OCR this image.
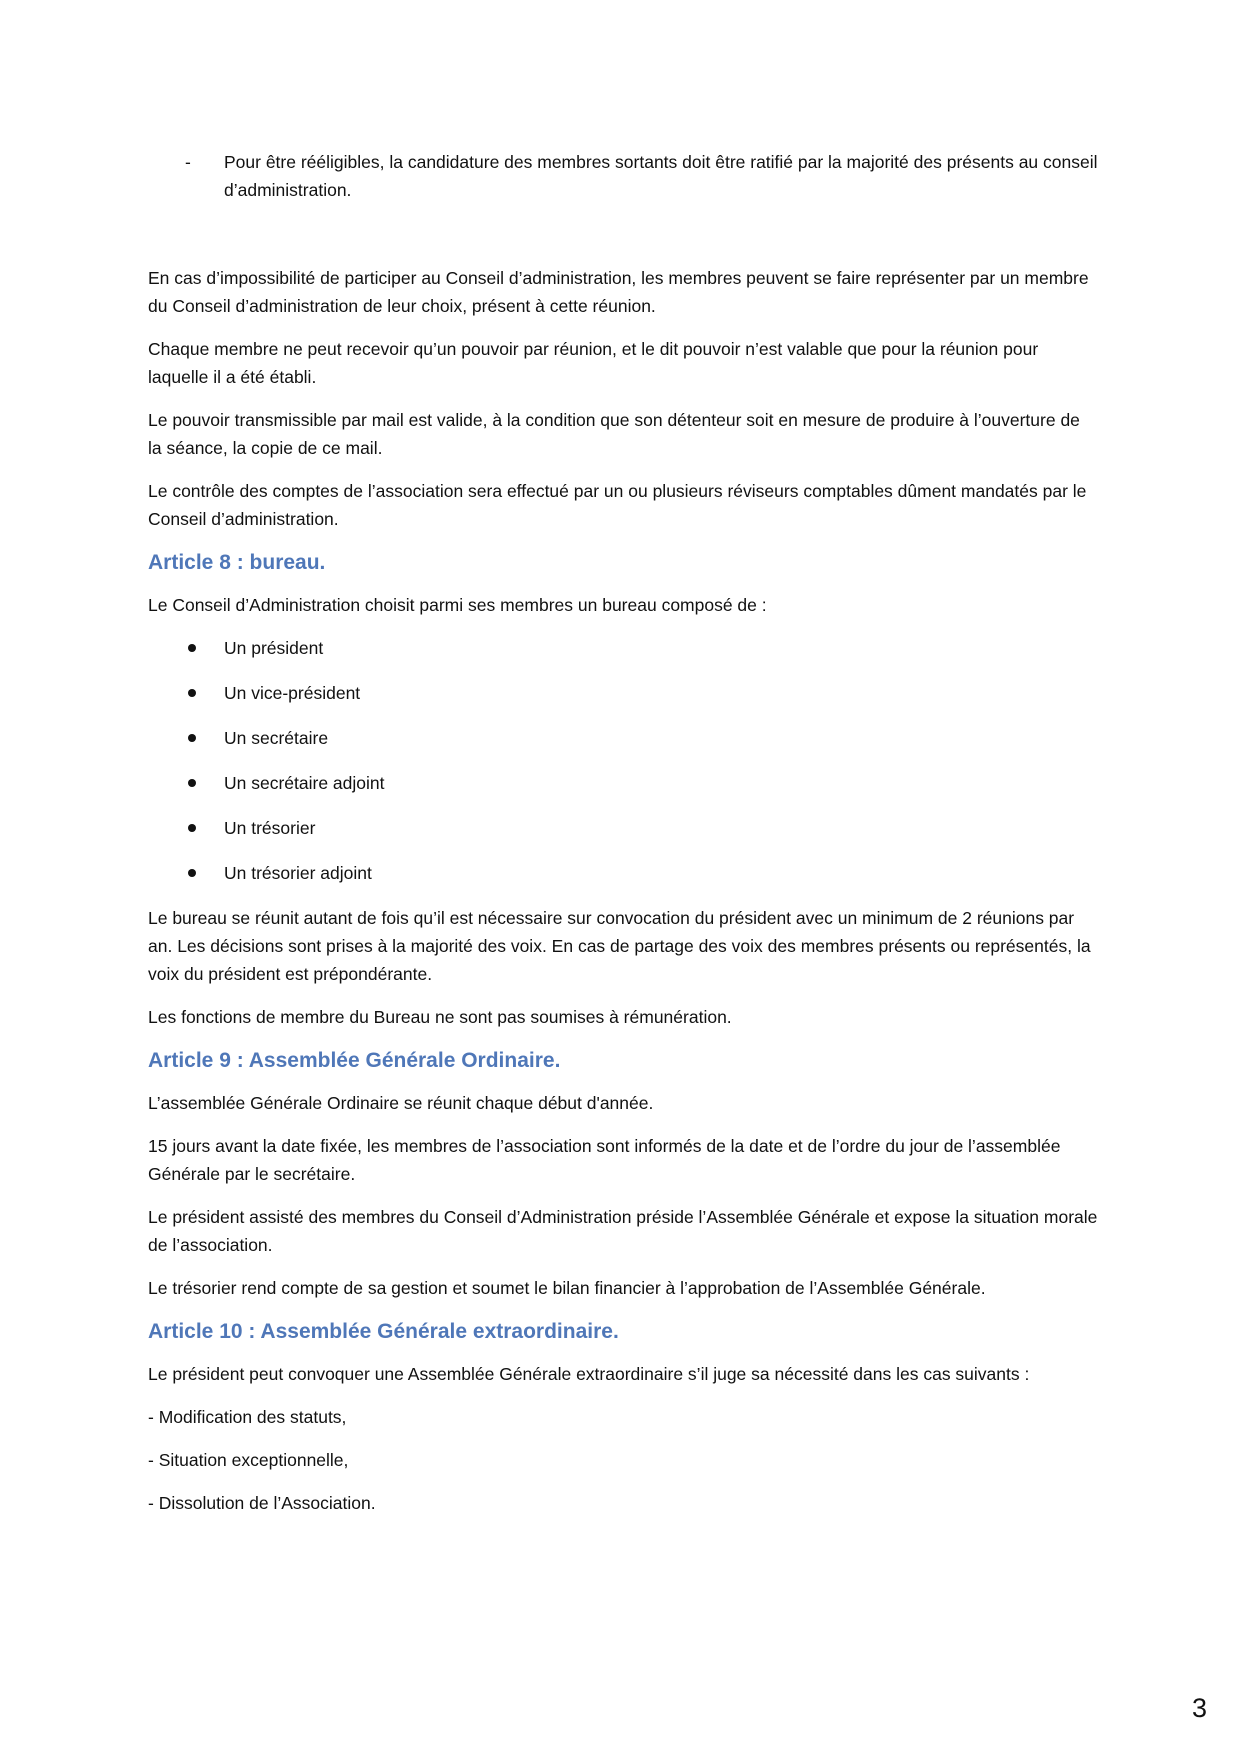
- Pour être rééligibles, la candidature des membres sortants doit être ratifié par la majorité des présents au conseil d’administration.

En cas d’impossibilité de participer au Conseil d’administration, les membres peuvent se faire représenter par un membre du Conseil d’administration de leur choix, présent à cette réunion.

Chaque membre ne peut recevoir qu’un pouvoir par réunion, et le dit pouvoir n’est valable que pour la réunion pour laquelle il a été établi.

Le pouvoir transmissible par mail est valide, à la condition que son détenteur soit en mesure de produire à l’ouverture de la séance, la copie de ce mail.

Le contrôle des comptes de l’association sera effectué par un ou plusieurs réviseurs comptables dûment mandatés par le Conseil d’administration.

Article 8 : bureau.

Le Conseil d’Administration choisit parmi ses membres un bureau composé de :

Un président
Un vice-président
Un secrétaire
Un secrétaire adjoint
Un trésorier
Un trésorier adjoint

Le bureau se réunit autant de fois qu’il est nécessaire sur convocation du président avec un minimum de 2 réunions par an. Les décisions sont prises à la majorité des voix. En cas de partage des voix des membres présents ou représentés, la voix du président est prépondérante.

Les fonctions de membre du Bureau ne sont pas soumises à rémunération.

Article 9 : Assemblée Générale Ordinaire.

L’assemblée Générale Ordinaire se réunit chaque début d'année.

15 jours avant la date fixée, les membres de l’association sont informés de la date et de l’ordre du jour de l’assemblée Générale par le secrétaire.

Le président assisté des membres du Conseil d’Administration préside l’Assemblée Générale et expose la situation morale de l’association.

Le trésorier rend compte de sa gestion et soumet le bilan financier à l’approbation de l’Assemblée Générale.

Article 10 : Assemblée Générale extraordinaire.

Le président peut convoquer une Assemblée Générale extraordinaire s’il juge sa nécessité dans les cas suivants :

- Modification des statuts,

- Situation exceptionnelle,

- Dissolution de l’Association.

3
